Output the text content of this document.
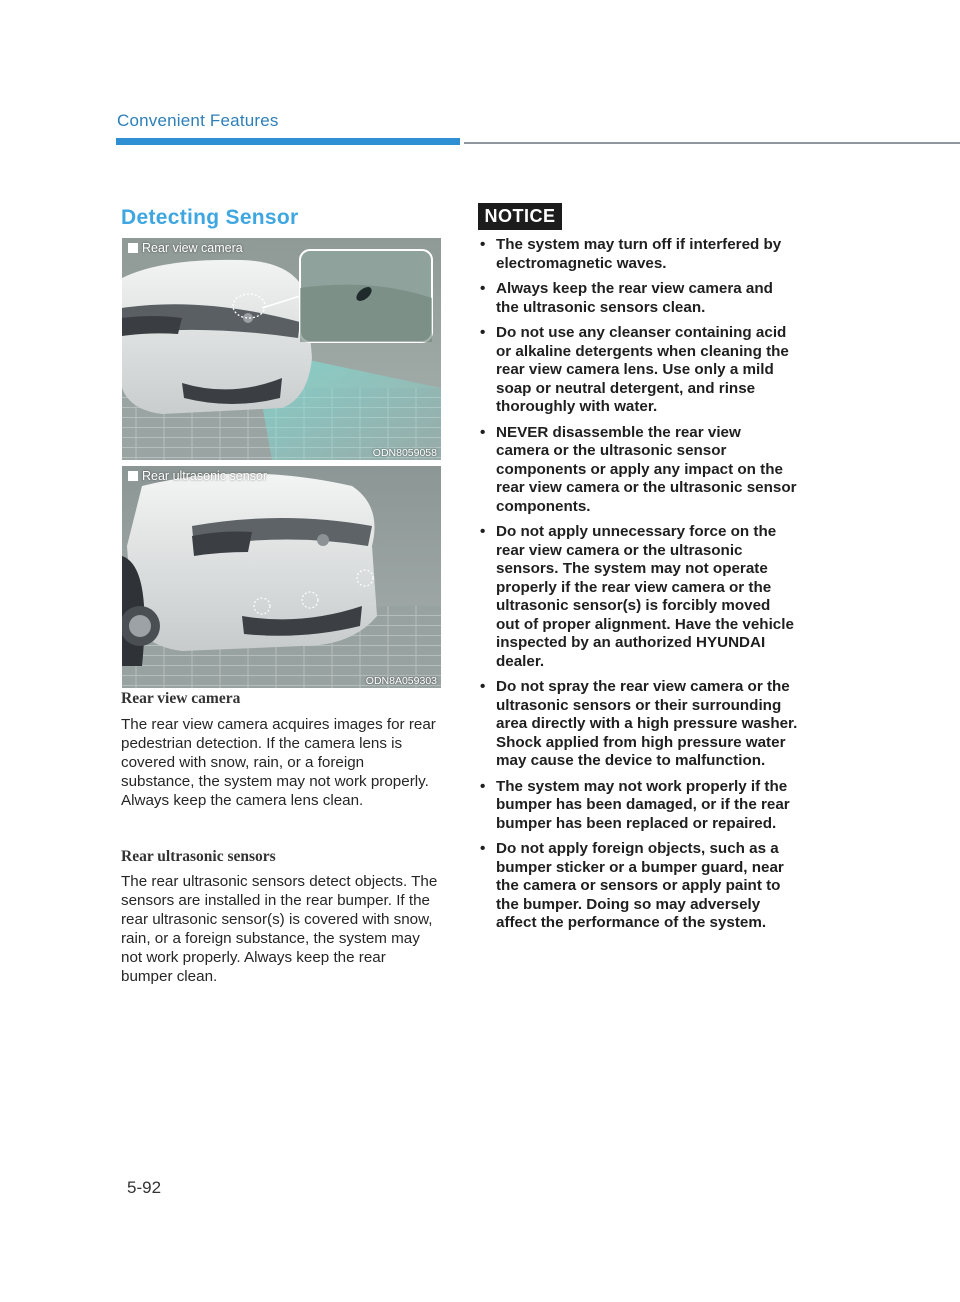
Convenient Features
Detecting Sensor
Rear view camera
ODN8059058
Rear ultrasonic sensor
ODN8A059303
Rear view camera
The rear view camera acquires images for rear pedestrian detection. If the camera lens is covered with snow, rain, or a foreign substance, the system may not work properly. Always keep the camera lens clean.
Rear ultrasonic sensors
The rear ultrasonic sensors detect objects. The sensors are installed in the rear bumper. If the rear ultrasonic sensor(s) is covered with snow, rain, or a foreign substance, the system may not work properly. Always keep the rear bumper clean.
NOTICE
• The system may turn off if interfered by electromagnetic waves.
• Always keep the rear view camera and the ultrasonic sensors clean.
• Do not use any cleanser containing acid or alkaline detergents when cleaning the rear view camera lens. Use only a mild soap or neutral detergent, and rinse thoroughly with water.
• NEVER disassemble the rear view camera or the ultrasonic sensor components or apply any impact on the rear view camera or the ultrasonic sensor components.
• Do not apply unnecessary force on the rear view camera or the ultrasonic sensors. The system may not operate properly if the rear view camera or the ultrasonic sensor(s) is forcibly moved out of proper alignment. Have the vehicle inspected by an authorized HYUNDAI dealer.
• Do not spray the rear view camera or the ultrasonic sensors or their surrounding area directly with a high pressure washer. Shock applied from high pressure water may cause the device to malfunction.
• The system may not work properly if the bumper has been damaged, or if the rear bumper has been replaced or repaired.
• Do not apply foreign objects, such as a bumper sticker or a bumper guard, near the camera or sensors or apply paint to the bumper. Doing so may adversely affect the performance of the system.
5-92
